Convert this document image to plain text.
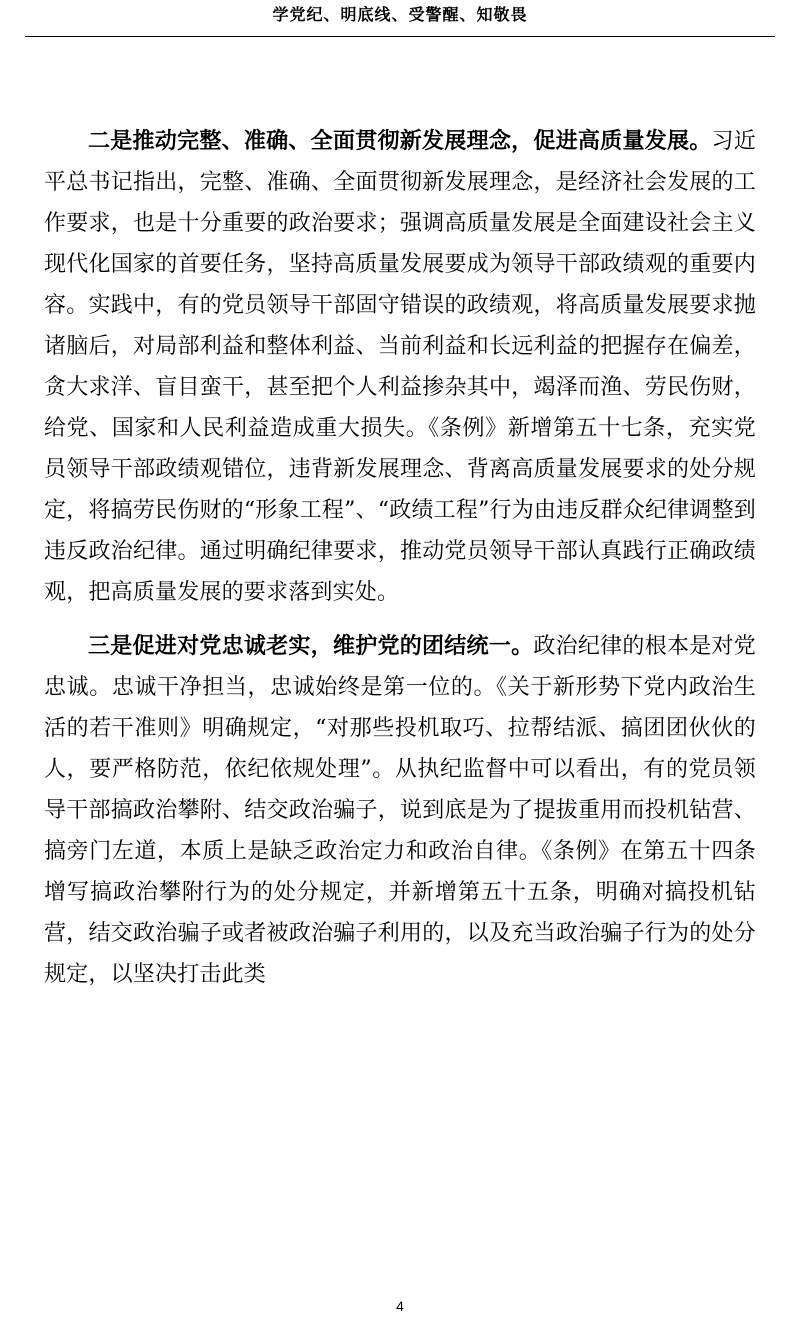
学党纪、明底线、受警醒、知敬畏

二是推动完整、准确、全面贯彻新发展理念，促进高质量发展。习近平总书记指出，完整、准确、全面贯彻新发展理念，是经济社会发展的工作要求，也是十分重要的政治要求；强调高质量发展是全面建设社会主义现代化国家的首要任务，坚持高质量发展要成为领导干部政绩观的重要内容。实践中，有的党员领导干部固守错误的政绩观，将高质量发展要求抛诸脑后，对局部利益和整体利益、当前利益和长远利益的把握存在偏差，贪大求洋、盲目蛮干，甚至把个人利益掺杂其中，竭泽而渔、劳民伤财，给党、国家和人民利益造成重大损失。《条例》新增第五十七条，充实党员领导干部政绩观错位，违背新发展理念、背离高质量发展要求的处分规定，将搞劳民伤财的“形象工程”、“政绩工程”行为由违反群众纪律调整到违反政治纪律。通过明确纪律要求，推动党员领导干部认真践行正确政绩观，把高质量发展的要求落到实处。

三是促进对党忠诚老实，维护党的团结统一。政治纪律的根本是对党忠诚。忠诚干净担当，忠诚始终是第一位的。《关于新形势下党内政治生活的若干准则》明确规定，“对那些投机取巧、拉帮结派、搞团团伙伙的人，要严格防范，依纪依规处理”。从执纪监督中可以看出，有的党员领导干部搞政治攀附、结交政治骗子，说到底是为了提拔重用而投机钻营、搞旁门左道，本质上是缺乏政治定力和政治自律。《条例》在第五十四条增写搞政治攀附行为的处分规定，并新增第五十五条，明确对搞投机钻营，结交政治骗子或者被政治骗子利用的，以及充当政治骗子行为的处分规定，以坚决打击此类

4
